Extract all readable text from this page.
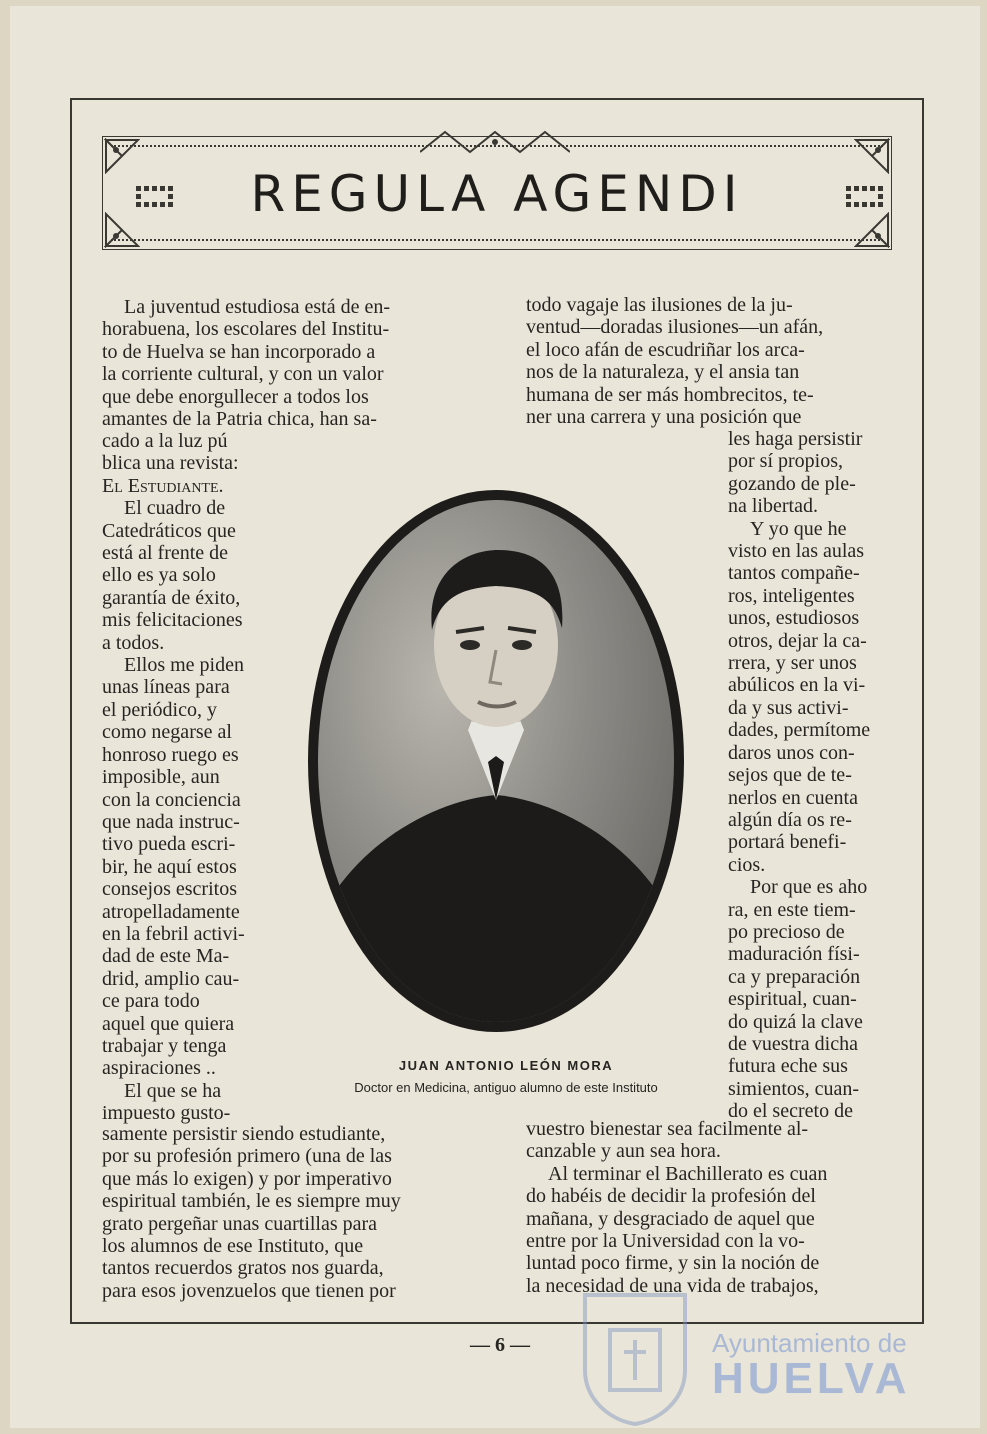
REGULA AGENDI

La juventud estudiosa está de en-

horabuena, los escolares del Institu-

to de Huelva se han incorporado a

la corriente cultural, y con un valor

que debe enorgullecer a todos los

amantes de la Patria chica, han sa-

cado a la luz pú

blica una revista:

El Estudiante.

El cuadro de

Catedráticos que

está al frente de

ello es ya solo

garantía de éxito,

mis felicitaciones

a todos.

Ellos me piden

unas líneas para

el periódico, y

como negarse al

honroso ruego es

imposible, aun

con la conciencia

que nada instruc-

tivo pueda escri-

bir, he aquí estos

consejos escritos

atropelladamente

en la febril activi-

dad de este Ma-

drid, amplio cau-

ce para todo

aquel que quiera

trabajar y tenga

aspiraciones ..

El que se ha

impuesto gusto-

samente persistir siendo estudiante,

por su profesión primero (una de las

que más lo exigen) y por imperativo

espiritual también, le es siempre muy

grato pergeñar unas cuartillas para

los alumnos de ese Instituto, que

tantos recuerdos gratos nos guarda,

para esos jovenzuelos que tienen por

todo vagaje las ilusiones de la ju-

ventud—doradas ilusiones—un afán,

el loco afán de escudriñar los arca-

nos de la naturaleza, y el ansia tan

humana de ser más hombrecitos, te-

ner una carrera y una posición que

les haga persistir

por sí propios,

gozando de ple-

na libertad.

Y yo que he

visto en las aulas

tantos compañe-

ros, inteligentes

unos, estudiosos

otros, dejar la ca-

rrera, y ser unos

abúlicos en la vi-

da y sus activi-

dades, permítome

daros unos con-

sejos que de te-

nerlos en cuenta

algún día os re-

portará benefi-

cios.

Por que es aho

ra, en este tiem-

po precioso de

maduración físi-

ca y preparación

espiritual, cuan-

do quizá la clave

de vuestra dicha

futura eche sus

simientos, cuan-

do el secreto de

vuestro bienestar sea facilmente al-

canzable y aun sea hora.

Al terminar el Bachillerato es cuan

do habéis de decidir la profesión del

mañana, y desgraciado de aquel que

entre por la Universidad con la vo-

luntad poco firme, y sin la noción de

la necesidad de una vida de trabajos,

JUAN ANTONIO LEÓN MORA
Doctor en Medicina, antiguo alumno de este Instituto
— 6 —	Ayuntamiento de
HUELVA
